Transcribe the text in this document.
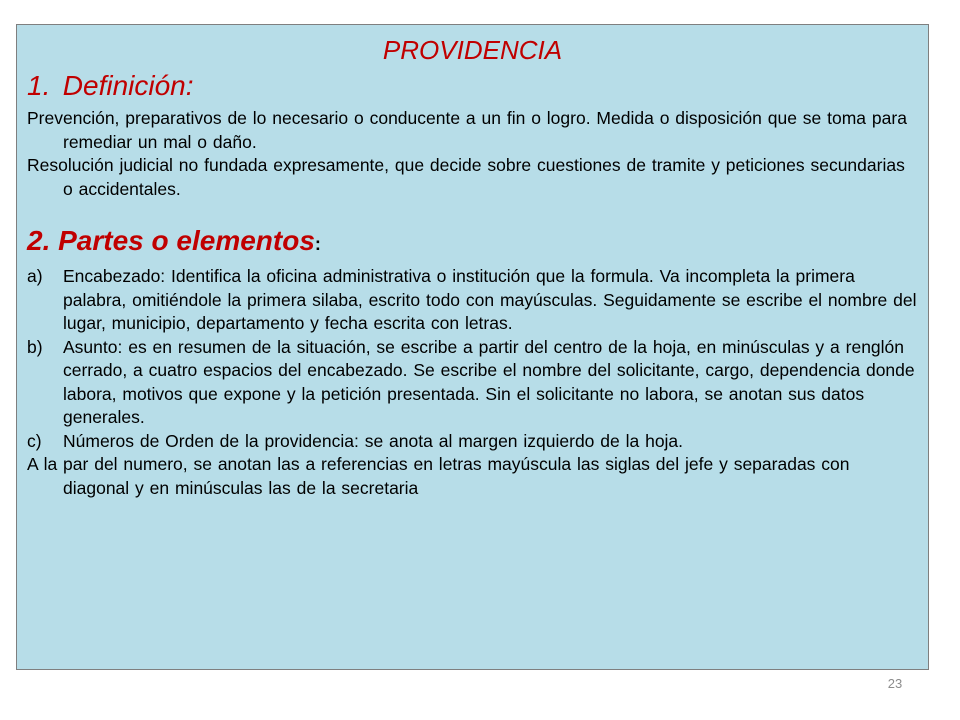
PROVIDENCIA
1. Definición:

Prevención, preparativos de lo necesario o conducente a un fin o logro. Medida o disposición que se toma para remediar un mal o daño.

Resolución judicial no fundada expresamente, que decide sobre cuestiones de tramite y peticiones secundarias o accidentales.

2. Partes o elementos:
a)	Encabezado: Identifica la oficina administrativa o institución que la formula. Va incompleta la primera palabra, omitiéndole la primera silaba, escrito todo con mayúsculas. Seguidamente se escribe el nombre del lugar, municipio, departamento y fecha escrita con letras.
b)	Asunto: es en resumen de la situación, se escribe a partir del centro de la hoja, en minúsculas y a renglón cerrado, a cuatro espacios del encabezado. Se escribe el nombre del solicitante, cargo, dependencia donde labora, motivos que expone y la petición presentada. Sin el solicitante no labora, se anotan sus datos generales.
c)	Números de Orden de la providencia: se anota al margen izquierdo de la hoja.

A la par del numero, se anotan las a referencias en letras mayúscula las siglas del jefe y separadas con diagonal y en minúsculas las de la secretaria

23
